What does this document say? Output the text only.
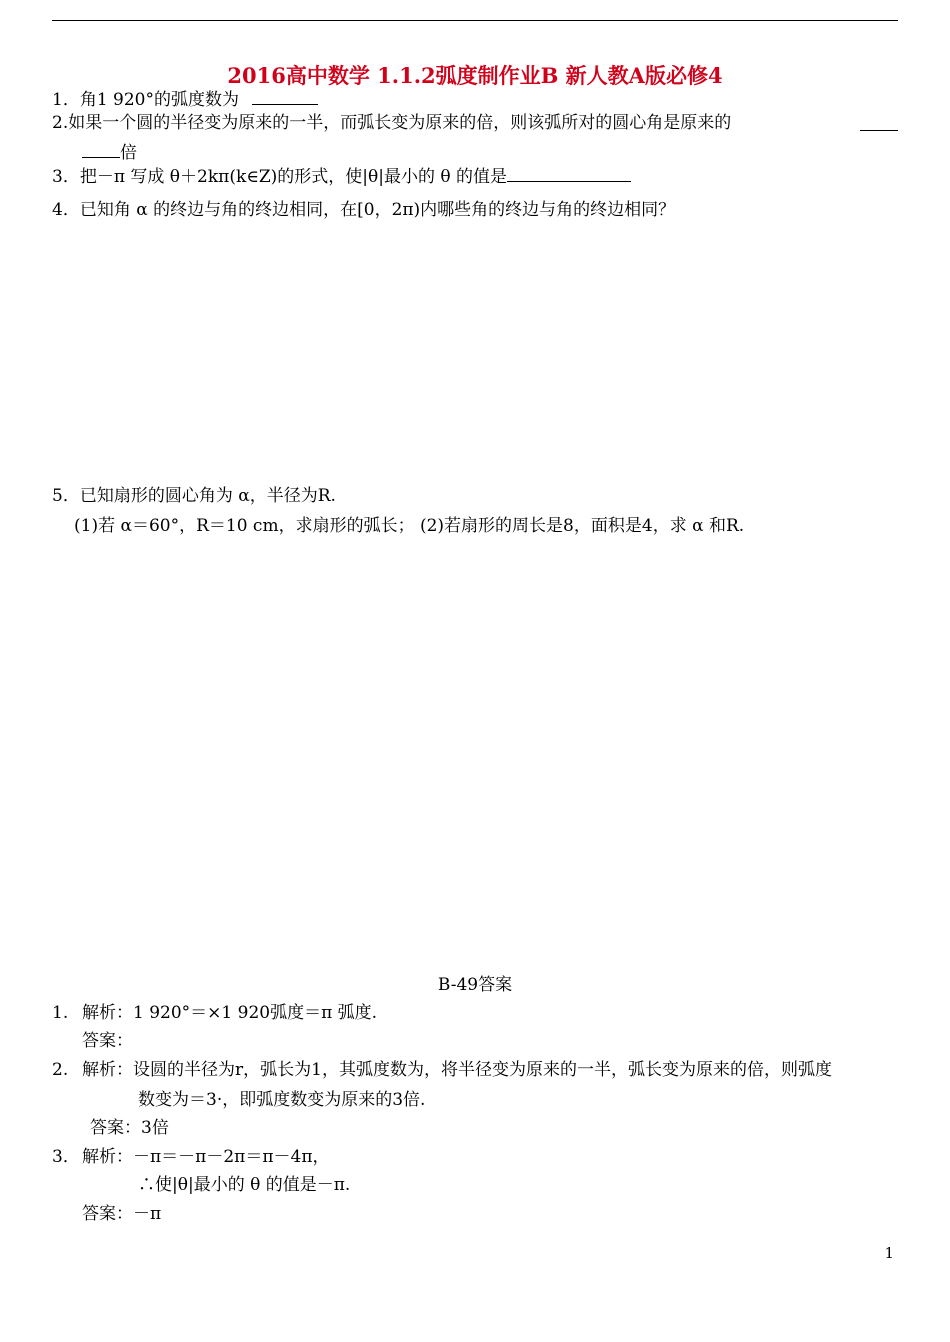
2016高中数学 1.1.2弧度制作业B 新人教A版必修4
1．角1 920°的弧度数为
2.如果一个圆的半径变为原来的一半，而弧长变为原来的倍，则该弧所对的圆心角是原来的
倍
3．把－π 写成 θ＋2kπ(k∈Z)的形式，使|θ|最小的 θ 的值是
4．已知角 α 的终边与角的终边相同，在[0，2π)内哪些角的终边与角的终边相同？
5．已知扇形的圆心角为 α，半径为R.
(1)若 α＝60°，R＝10 cm，求扇形的弧长； (2)若扇形的周长是8，面积是4，求 α 和R.
B-49答案
1. 解析：1 920°＝×1 920弧度＝π 弧度.
答案：
2. 解析：设圆的半径为r，弧长为1，其弧度数为，将半径变为原来的一半，弧长变为原来的倍，则弧度
数变为＝3·，即弧度数变为原来的3倍.
答案：3倍
3． 解析：－π＝－π－2π＝π－4π，
∴使|θ|最小的 θ 的值是－π.
答案：－π
1
